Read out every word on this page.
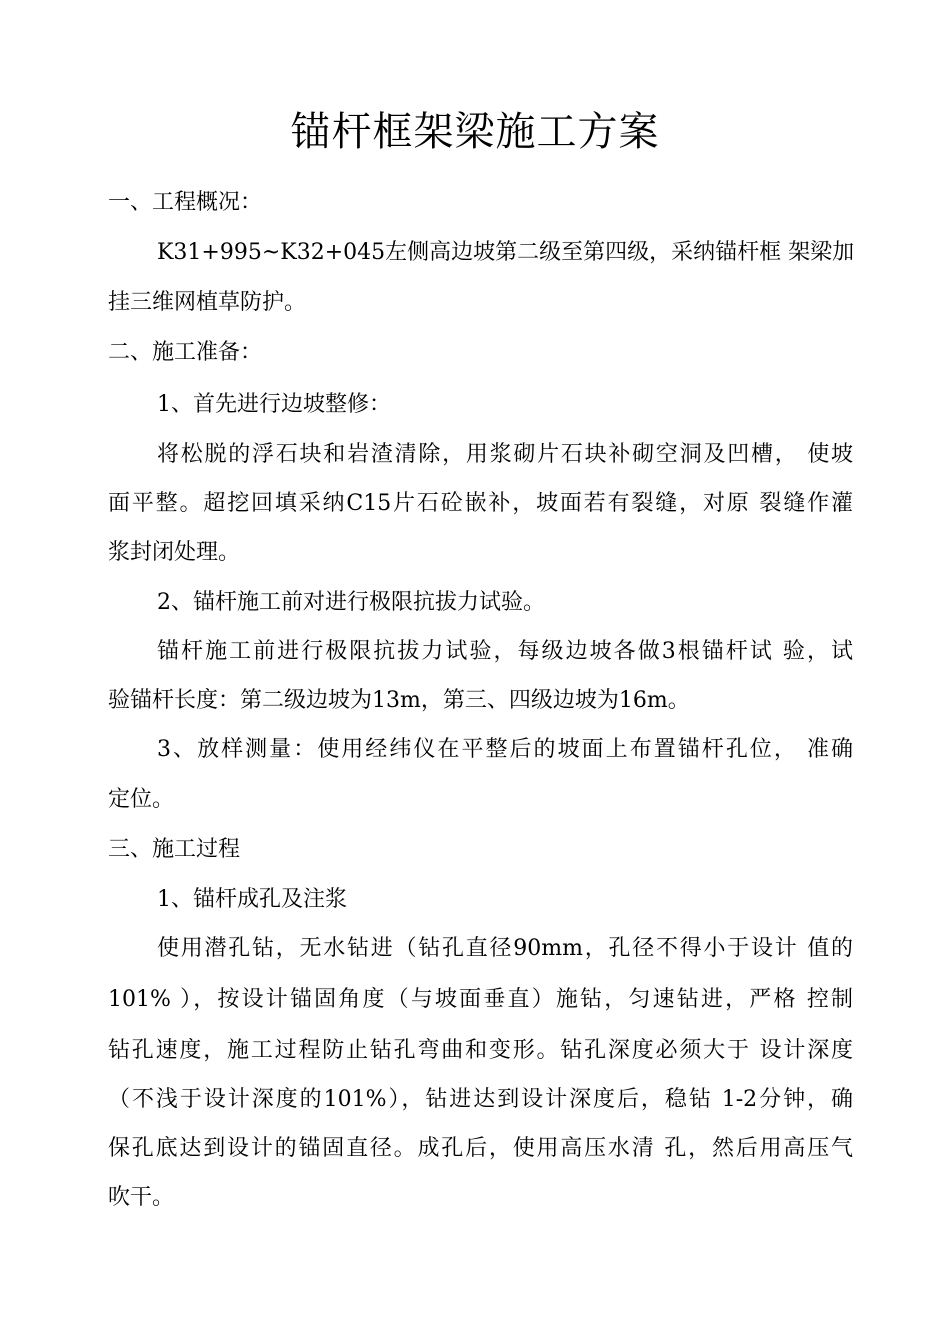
锚杆框架梁施工方案

一、工程概况：

K31+995~K32+045左侧高边坡第二级至第四级，采纳锚杆框 架梁加

挂三维网植草防护。

二、施工准备：

1、首先进行边坡整修：

将松脱的浮石块和岩渣清除，用浆砌片石块补砌空洞及凹槽， 使坡

面平整。超挖回填采纳C15片石砼嵌补，坡面若有裂缝，对原 裂缝作灌

浆封闭处理。

2、锚杆施工前对进行极限抗拔力试验。

锚杆施工前进行极限抗拔力试验，每级边坡各做3根锚杆试 验，试

验锚杆长度：第二级边坡为13m，第三、四级边坡为16m。

3、放样测量：使用经纬仪在平整后的坡面上布置锚杆孔位， 准确

定位。

三、施工过程

1、锚杆成孔及注浆

使用潜孔钻，无水钻进（钻孔直径90mm，孔径不得小于设计 值的

101% ），按设计锚固角度（与坡面垂直）施钻，匀速钻进，严格 控制

钻孔速度，施工过程防止钻孔弯曲和变形。钻孔深度必须大于 设计深度

（不浅于设计深度的101%），钻进达到设计深度后，稳钻 1-2分钟，确

保孔底达到设计的锚固直径。成孔后，使用高压水清 孔，然后用高压气

吹干。
